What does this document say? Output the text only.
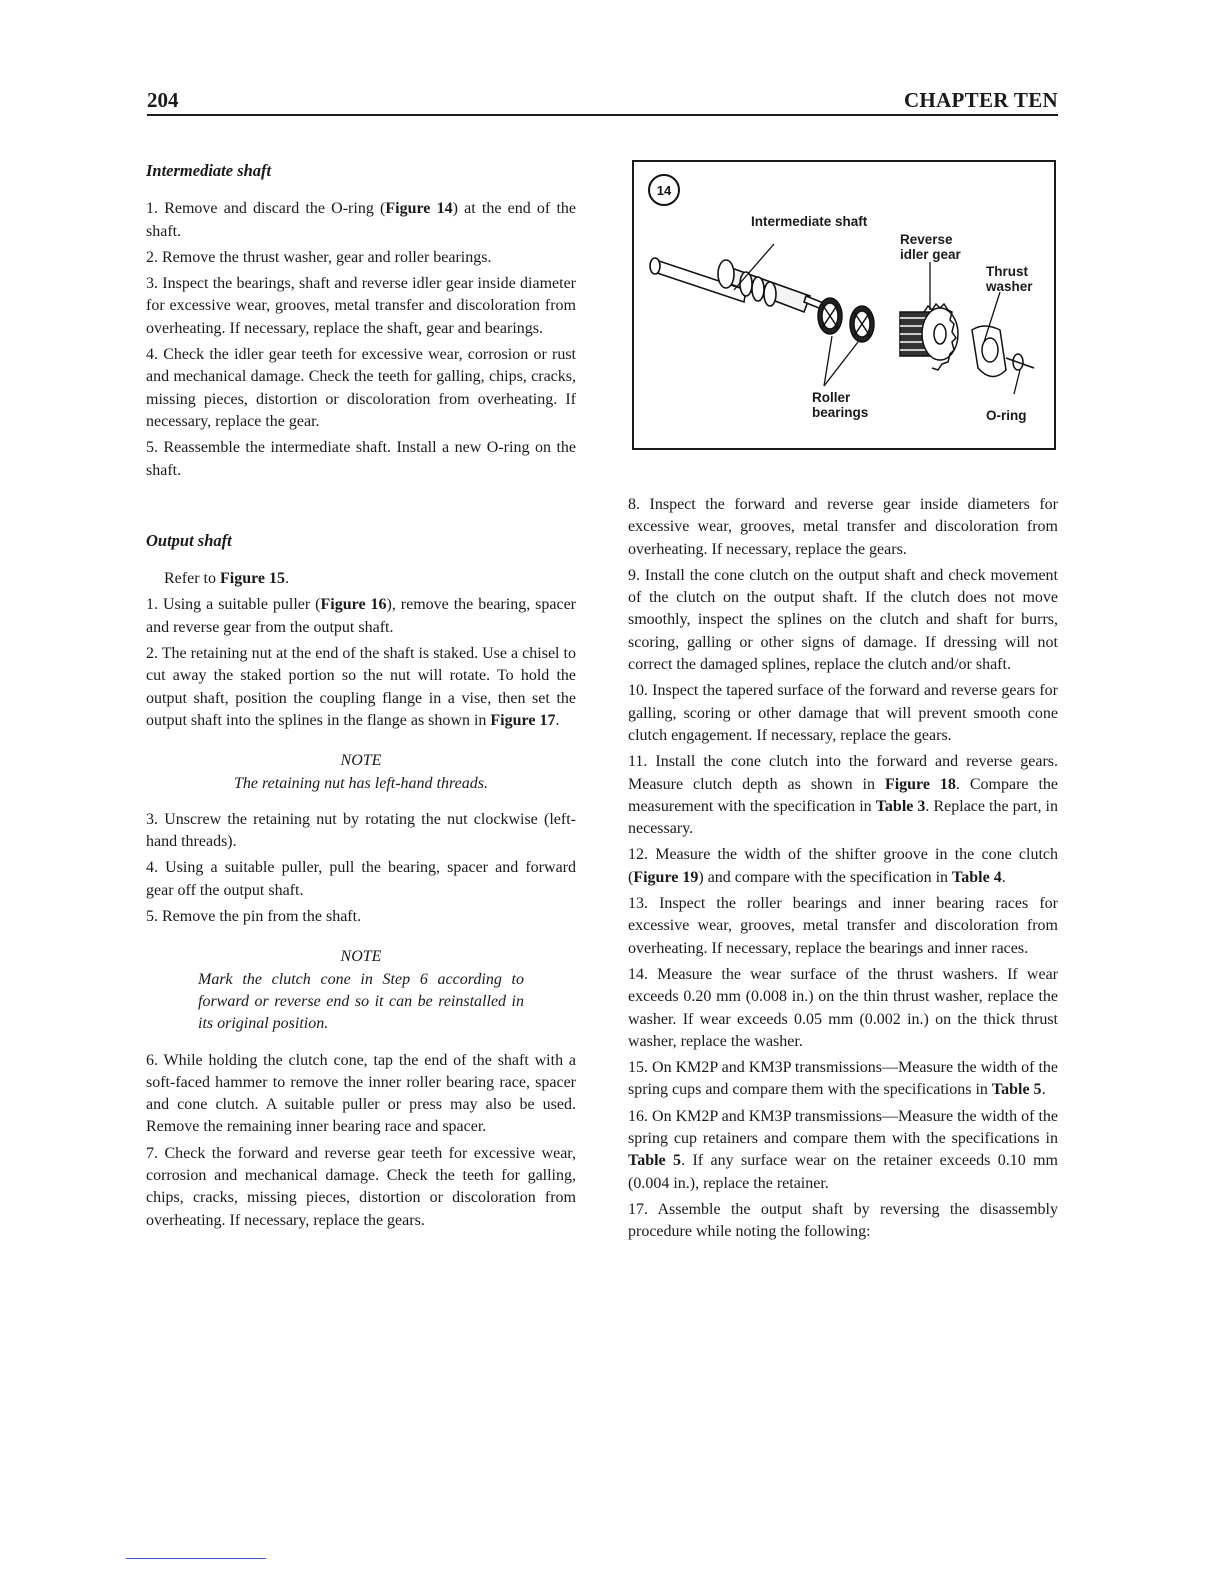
204	CHAPTER TEN

Intermediate shaft

1. Remove and discard the O-ring (Figure 14) at the end of the shaft.

2. Remove the thrust washer, gear and roller bearings.

3. Inspect the bearings, shaft and reverse idler gear inside diameter for excessive wear, grooves, metal transfer and discoloration from overheating. If necessary, replace the shaft, gear and bearings.

4. Check the idler gear teeth for excessive wear, corrosion or rust and mechanical damage. Check the teeth for galling, chips, cracks, missing pieces, distortion or discoloration from overheating. If necessary, replace the gear.

5. Reassemble the intermediate shaft. Install a new O-ring on the shaft.

Output shaft

Refer to Figure 15.

1. Using a suitable puller (Figure 16), remove the bearing, spacer and reverse gear from the output shaft.

2. The retaining nut at the end of the shaft is staked. Use a chisel to cut away the staked portion so the nut will rotate. To hold the output shaft, position the coupling flange in a vise, then set the output shaft into the splines in the flange as shown in Figure 17.

NOTE

The retaining nut has left-hand threads.

3. Unscrew the retaining nut by rotating the nut clockwise (left-hand threads).

4. Using a suitable puller, pull the bearing, spacer and forward gear off the output shaft.

5. Remove the pin from the shaft.

NOTE

Mark the clutch cone in Step 6 according to forward or reverse end so it can be reinstalled in its original position.

6. While holding the clutch cone, tap the end of the shaft with a soft-faced hammer to remove the inner roller bearing race, spacer and cone clutch. A suitable puller or press may also be used. Remove the remaining inner bearing race and spacer.

7. Check the forward and reverse gear teeth for excessive wear, corrosion and mechanical damage. Check the teeth for galling, chips, cracks, missing pieces, distortion or discoloration from overheating. If necessary, replace the gears.

14
Intermediate shaft
Reverse idler gear
Thrust washer
Roller bearings	O-ring

8. Inspect the forward and reverse gear inside diameters for excessive wear, grooves, metal transfer and discoloration from overheating. If necessary, replace the gears.

9. Install the cone clutch on the output shaft and check movement of the clutch on the output shaft. If the clutch does not move smoothly, inspect the splines on the clutch and shaft for burrs, scoring, galling or other signs of damage. If dressing will not correct the damaged splines, replace the clutch and/or shaft.

10. Inspect the tapered surface of the forward and reverse gears for galling, scoring or other damage that will prevent smooth cone clutch engagement. If necessary, replace the gears.

11. Install the cone clutch into the forward and reverse gears. Measure clutch depth as shown in Figure 18. Compare the measurement with the specification in Table 3. Replace the part, in necessary.

12. Measure the width of the shifter groove in the cone clutch (Figure 19) and compare with the specification in Table 4.

13. Inspect the roller bearings and inner bearing races for excessive wear, grooves, metal transfer and discoloration from overheating. If necessary, replace the bearings and inner races.

14. Measure the wear surface of the thrust washers. If wear exceeds 0.20 mm (0.008 in.) on the thin thrust washer, replace the washer. If wear exceeds 0.05 mm (0.002 in.) on the thick thrust washer, replace the washer.

15. On KM2P and KM3P transmissions—Measure the width of the spring cups and compare them with the specifications in Table 5.

16. On KM2P and KM3P transmissions—Measure the width of the spring cup retainers and compare them with the specifications in Table 5. If any surface wear on the retainer exceeds 0.10 mm (0.004 in.), replace the retainer.

17. Assemble the output shaft by reversing the disassembly procedure while noting the following:
